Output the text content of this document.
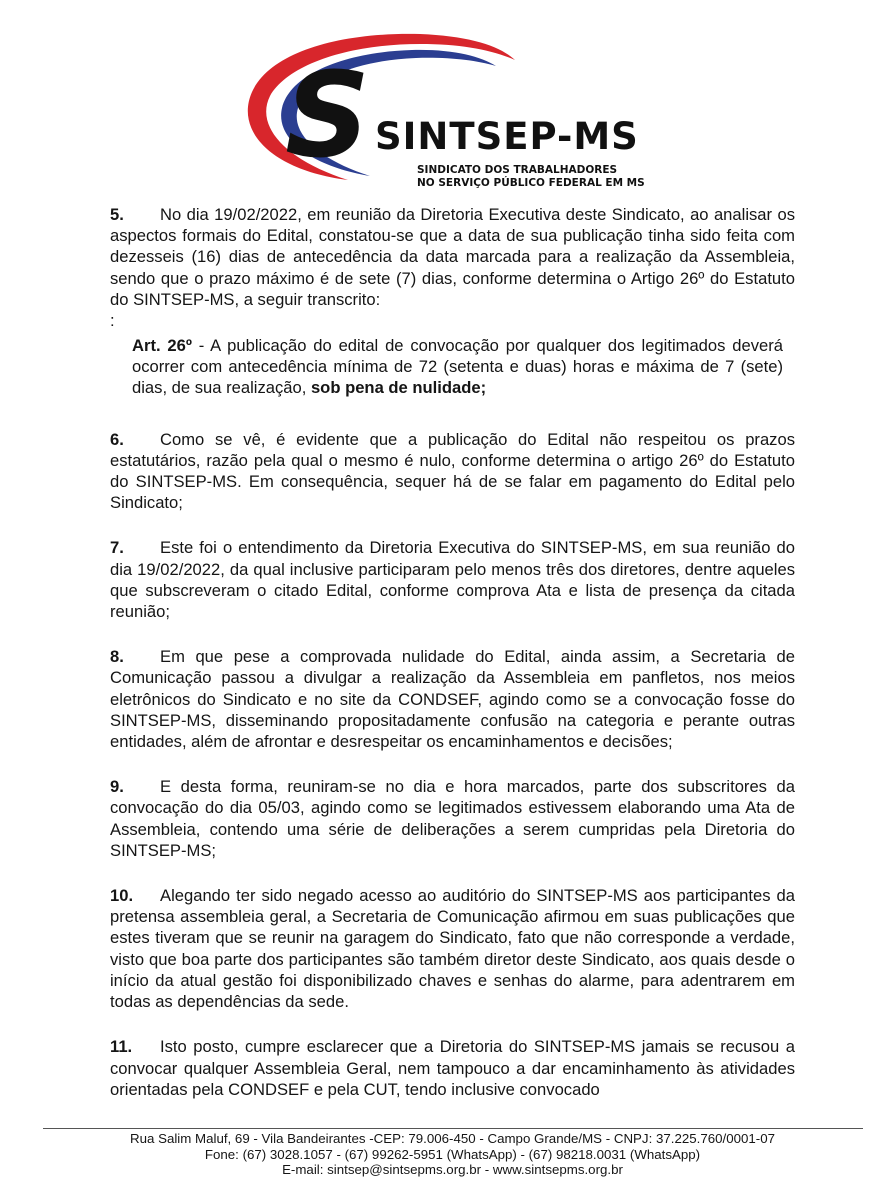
S SINTSEP-MS
SINDICATO DOS TRABALHADORES
NO SERVIÇO PÚBLICO FEDERAL EM MS

5. No dia 19/02/2022, em reunião da Diretoria Executiva deste Sindicato, ao analisar os aspectos formais do Edital, constatou-se que a data de sua publicação tinha sido feita com dezesseis (16) dias de antecedência da data marcada para a realização da Assembleia, sendo que o prazo máximo é de sete (7) dias, conforme determina o Artigo 26º do Estatuto do SINTSEP-MS, a seguir transcrito:

:
Art. 26º - A publicação do edital de convocação por qualquer dos legitimados deverá ocorrer com antecedência mínima de 72 (setenta e duas) horas e máxima de 7 (sete) dias, de sua realização, sob pena de nulidade;

6. Como se vê, é evidente que a publicação do Edital não respeitou os prazos estatutários, razão pela qual o mesmo é nulo, conforme determina o artigo 26º do Estatuto do SINTSEP-MS. Em consequência, sequer há de se falar em pagamento do Edital pelo Sindicato;

7. Este foi o entendimento da Diretoria Executiva do SINTSEP-MS, em sua reunião do dia 19/02/2022, da qual inclusive participaram pelo menos três dos diretores, dentre aqueles que subscreveram o citado Edital, conforme comprova Ata e lista de presença da citada reunião;

8. Em que pese a comprovada nulidade do Edital, ainda assim, a Secretaria de Comunicação passou a divulgar a realização da Assembleia em panfletos, nos meios eletrônicos do Sindicato e no site da CONDSEF, agindo como se a convocação fosse do SINTSEP-MS, disseminando propositadamente confusão na categoria e perante outras entidades, além de afrontar e desrespeitar os encaminhamentos e decisões;

9. E desta forma, reuniram-se no dia e hora marcados, parte dos subscritores da convocação do dia 05/03, agindo como se legitimados estivessem elaborando uma Ata de Assembleia, contendo uma série de deliberações a serem cumpridas pela Diretoria do SINTSEP-MS;

10. Alegando ter sido negado acesso ao auditório do SINTSEP-MS aos participantes da pretensa assembleia geral, a Secretaria de Comunicação afirmou em suas publicações que estes tiveram que se reunir na garagem do Sindicato, fato que não corresponde a verdade, visto que boa parte dos participantes são também diretor deste Sindicato, aos quais desde o início da atual gestão foi disponibilizado chaves e senhas do alarme, para adentrarem em todas as dependências da sede.

11. Isto posto, cumpre esclarecer que a Diretoria do SINTSEP-MS jamais se recusou a convocar qualquer Assembleia Geral, nem tampouco a dar encaminhamento às atividades orientadas pela CONDSEF e pela CUT, tendo inclusive convocado

Rua Salim Maluf, 69 - Vila Bandeirantes -CEP: 79.006-450 - Campo Grande/MS - CNPJ: 37.225.760/0001-07
Fone: (67) 3028.1057 - (67) 99262-5951 (WhatsApp) - (67) 98218.0031 (WhatsApp)
E-mail: sintsep@sintsepms.org.br - www.sintsepms.org.br
